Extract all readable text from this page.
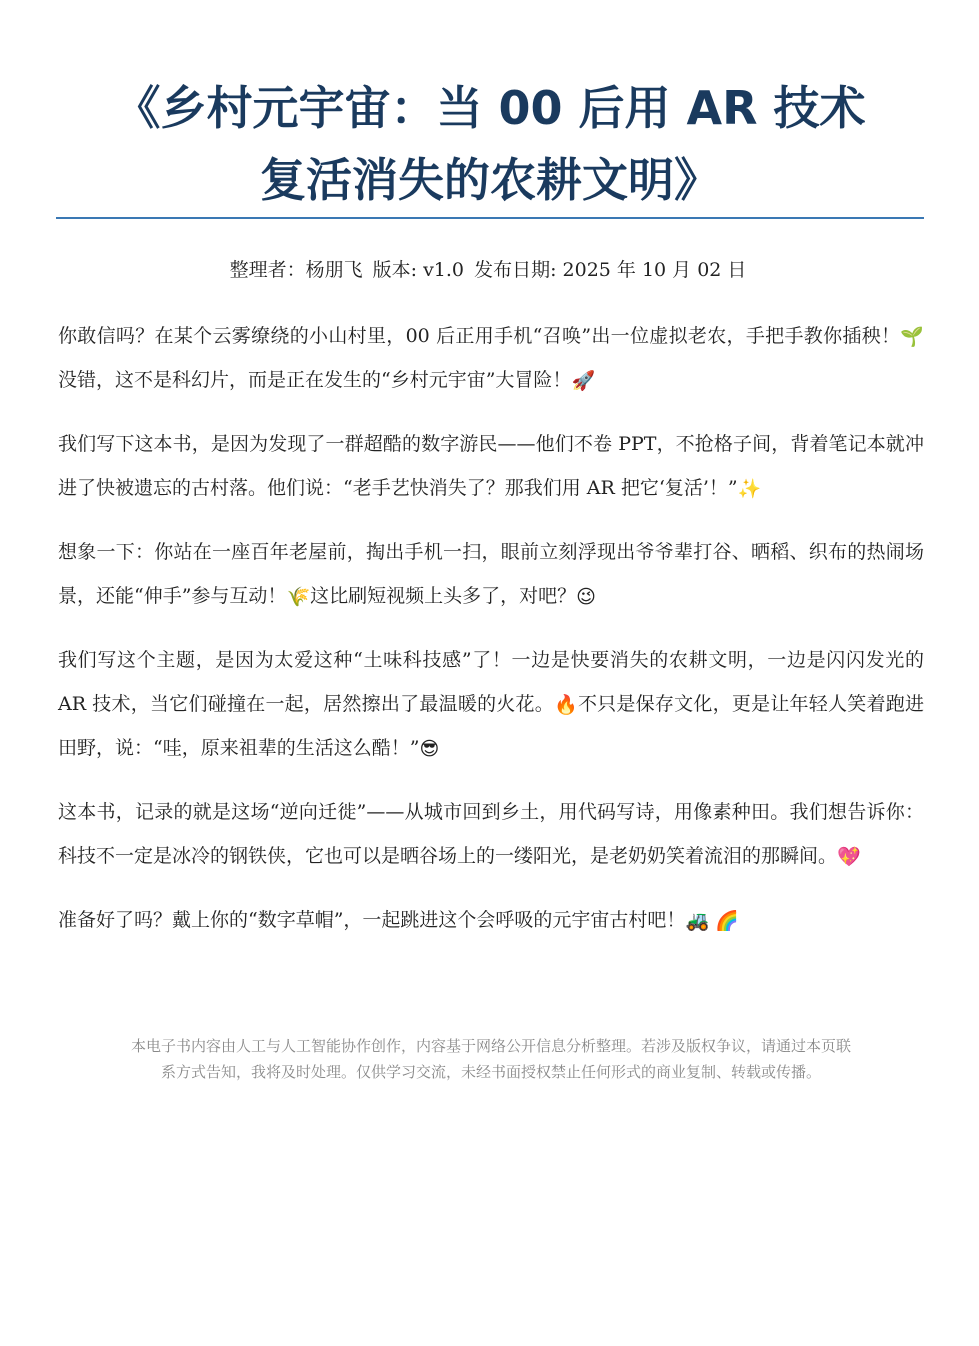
《乡村元宇宙：当 00 后用 AR 技术
复活消失的农耕文明》
整理者：杨朋飞 版本: v1.0 发布日期: 2025 年 10 月 02 日

你敢信吗？在某个云雾缭绕的小山村里，00 后正用手机“召唤”出一位虚拟老农，手把手教你插秧！🌱没错，这不是科幻片，而是正在发生的“乡村元宇宙”大冒险！🚀

我们写下这本书，是因为发现了一群超酷的数字游民——他们不卷 PPT，不抢格子间，背着笔记本就冲进了快被遗忘的古村落。他们说：“老手艺快消失了？那我们用 AR 把它‘复活’！”✨

想象一下：你站在一座百年老屋前，掏出手机一扫，眼前立刻浮现出爷爷辈打谷、晒稻、织布的热闹场景，还能“伸手”参与互动！🌾这比刷短视频上头多了，对吧？😉

我们写这个主题，是因为太爱这种“土味科技感”了！一边是快要消失的农耕文明，一边是闪闪发光的 AR 技术，当它们碰撞在一起，居然擦出了最温暖的火花。🔥不只是保存文化，更是让年轻人笑着跑进田野，说：“哇，原来祖辈的生活这么酷！”😎

这本书，记录的就是这场“逆向迁徙”——从城市回到乡土，用代码写诗，用像素种田。我们想告诉你：科技不一定是冰冷的钢铁侠，它也可以是晒谷场上的一缕阳光，是老奶奶笑着流泪的那瞬间。💖

准备好了吗？戴上你的“数字草帽”，一起跳进这个会呼吸的元宇宙古村吧！🚜 🌈

本电子书内容由人工与人工智能协作创作，内容基于网络公开信息分析整理。若涉及版权争议，请通过本页联
系方式告知，我将及时处理。仅供学习交流，未经书面授权禁止任何形式的商业复制、转载或传播。
